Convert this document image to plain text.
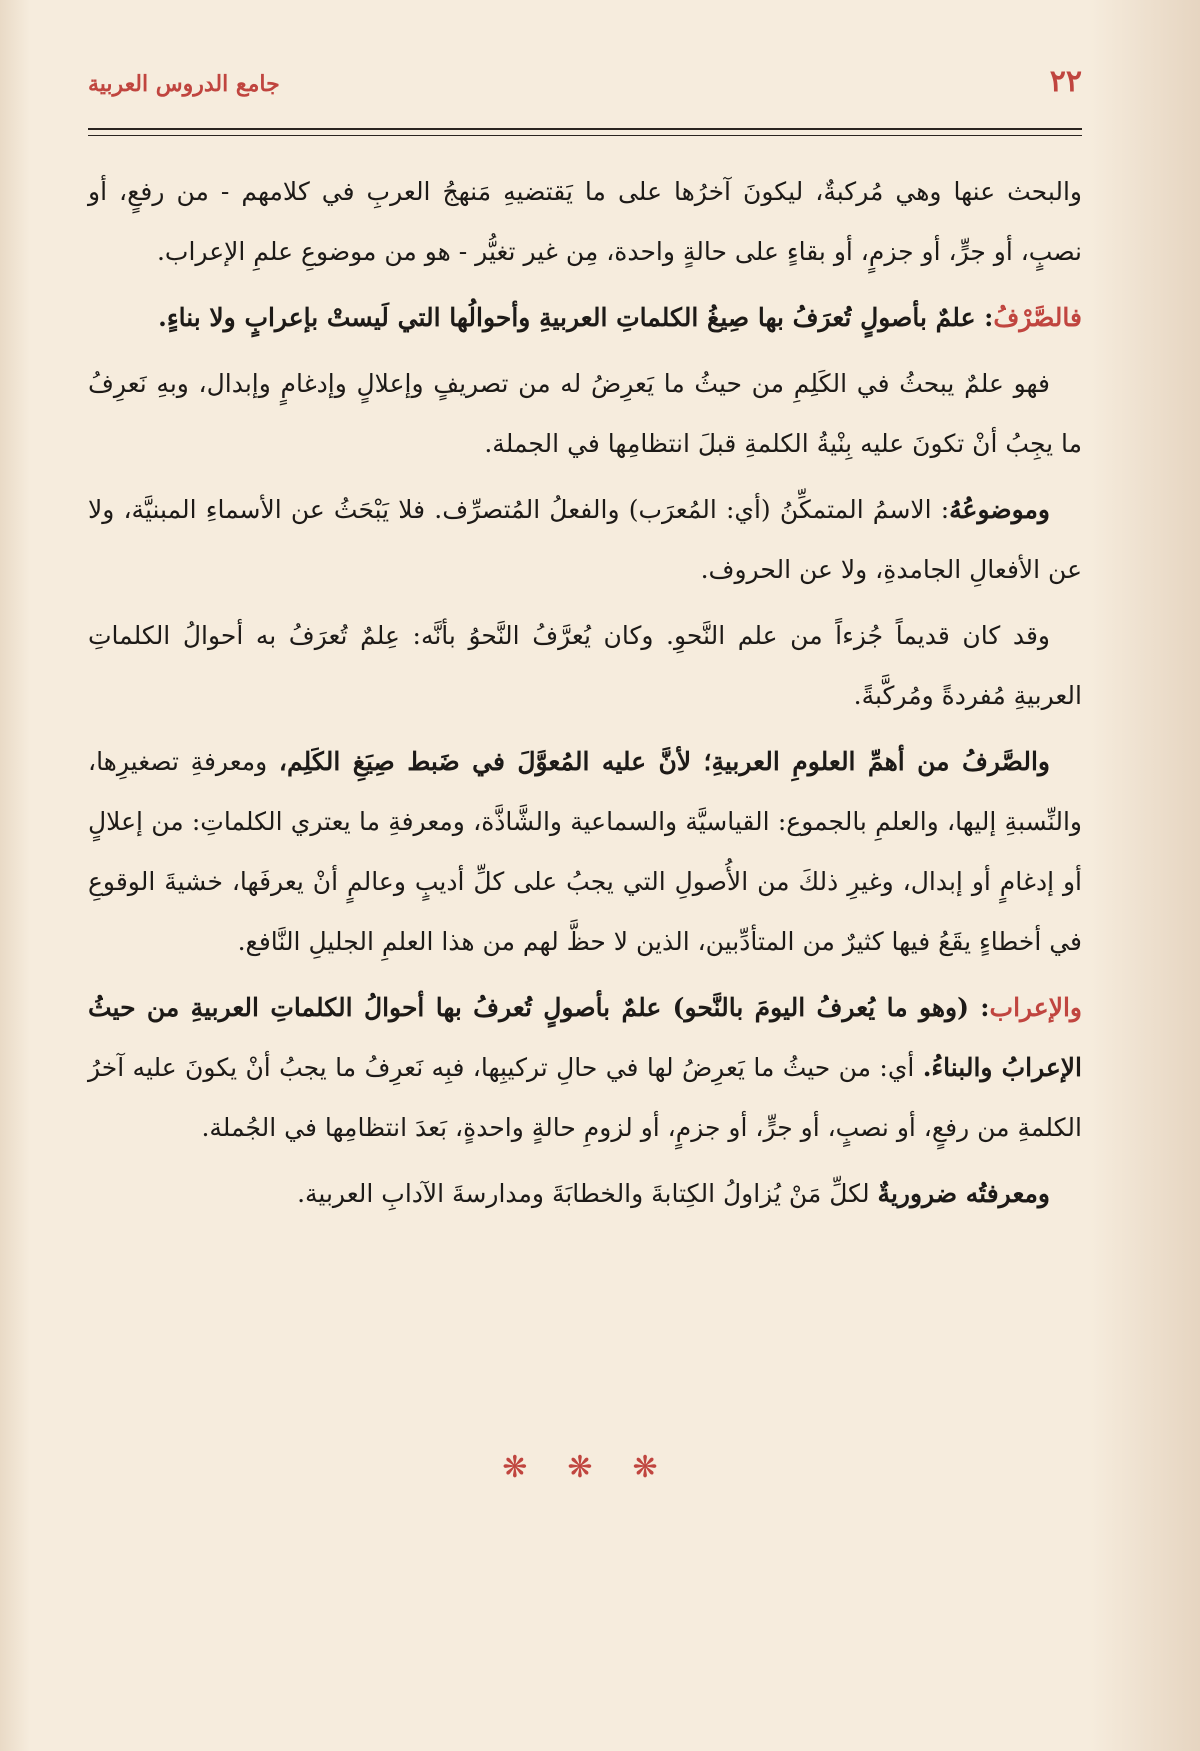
٢٢
جامع الدروس العربية

والبحث عنها وهي مُركبةٌ، ليكونَ آخرُها على ما يَقتضيهِ مَنهجُ العربِ في كلامهم - من رفعٍ، أو نصبٍ، أو جرٍّ، أو جزمٍ، أو بقاءٍ على حالةٍ واحدة، مِن غير تغيُّر - هو من موضوعِ علمِ الإعراب.

فالصَّرْفُ: علمٌ بأصولٍ تُعرَفُ بها صِيغُ الكلماتِ العربيةِ وأحوالُها التي لَيستْ بإعرابٍ ولا بناءٍ.

فهو علمٌ يبحثُ في الكَلِمِ من حيثُ ما يَعرِضُ له من تصريفٍ وإعلالٍ وإدغامٍ وإبدال، وبهِ نَعرِفُ ما يجِبُ أنْ تكونَ عليه بِنْيةُ الكلمةِ قبلَ انتظامِها في الجملة.

وموضوعُهُ: الاسمُ المتمكِّنُ (أي: المُعرَب) والفعلُ المُتصرِّف. فلا يَبْحَثُ عن الأسماءِ المبنيَّة، ولا عن الأفعالِ الجامدةِ، ولا عن الحروف.

وقد كان قديماً جُزءاً من علم النَّحوِ. وكان يُعرَّفُ النَّحوُ بأنَّه: عِلمٌ تُعرَفُ به أحوالُ الكلماتِ العربيةِ مُفردةً ومُركَّبةً.

والصَّرفُ من أهمِّ العلومِ العربيةِ؛ لأنَّ عليه المُعوَّلَ في ضَبط صِيَغِ الكَلِم، ومعرفةِ تصغيرِها، والنِّسبةِ إليها، والعلمِ بالجموع: القياسيَّة والسماعية والشَّاذَّة، ومعرفةِ ما يعتري الكلماتِ: من إعلالٍ أو إدغامٍ أو إبدال، وغيرِ ذلكَ من الأُصولِ التي يجبُ على كلِّ أديبٍ وعالمٍ أنْ يعرفَها، خشيةَ الوقوعِ في أخطاءٍ يقَعُ فيها كثيرٌ من المتأدِّبين، الذين لا حظَّ لهم من هذا العلمِ الجليلِ النَّافع.

والإعراب: (وهو ما يُعرفُ اليومَ بالنَّحو) علمٌ بأصولٍ تُعرفُ بها أحوالُ الكلماتِ العربيةِ من حيثُ الإعرابُ والبناءُ. أي: من حيثُ ما يَعرِضُ لها في حالِ تركيبِها، فبِه نَعرِفُ ما يجبُ أنْ يكونَ عليه آخرُ الكلمةِ من رفعٍ، أو نصبٍ، أو جرٍّ، أو جزمٍ، أو لزومِ حالةٍ واحدةٍ، بَعدَ انتظامِها في الجُملة.

ومعرفتُه ضروريةٌ لكلِّ مَنْ يُزاولُ الكِتابةَ والخطابَةَ ومدارسةَ الآدابِ العربية.

❋❋❋
